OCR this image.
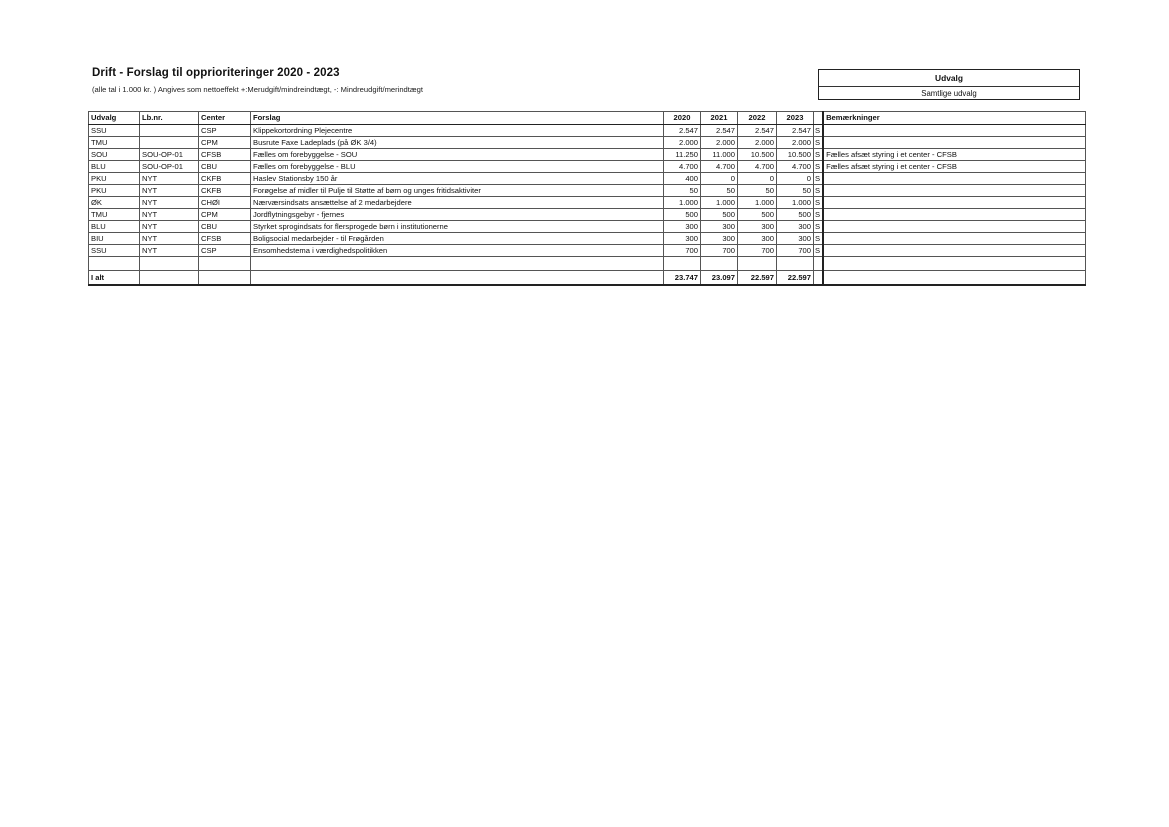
Drift - Forslag til opprioriteringer 2020 - 2023
(alle tal i 1.000 kr. ) Angives som nettoeffekt +:Merudgift/mindreindtægt, -: Mindreudgift/merindtægt
Udvalg
Samtlige udvalg
Udvalg	Lb.nr.	Center	Forslag	2020	2021	2022	2023		Bemærkninger
SSU		CSP	Klippekortordning Plejecentre	2.547	2.547	2.547	2.547	S	
TMU		CPM	Busrute Faxe Ladeplads (på ØK 3/4)	2.000	2.000	2.000	2.000	S	
SOU	SOU-OP-01	CFSB	Fælles om forebyggelse - SOU	11.250	11.000	10.500	10.500	S	Fælles afsæt styring i et center - CFSB
BLU	SOU-OP-01	CBU	Fælles om forebyggelse - BLU	4.700	4.700	4.700	4.700	S	Fælles afsæt styring i et center - CFSB
PKU	NYT	CKFB	Haslev Stationsby 150 år	400	0	0	0	S	
PKU	NYT	CKFB	Forøgelse af midler til Pulje til Støtte af børn og unges fritidsaktiviter	50	50	50	50	S	
ØK	NYT	CHØI	Nærværsindsats ansættelse af 2 medarbejdere	1.000	1.000	1.000	1.000	S	
TMU	NYT	CPM	Jordflytningsgebyr - fjernes	500	500	500	500	S	
BLU	NYT	CBU	Styrket sprogindsats for flersprogede børn i institutionerne	300	300	300	300	S	
BIU	NYT	CFSB	Boligsocial medarbejder - til Frøgården	300	300	300	300	S	
SSU	NYT	CSP	Ensomhedstema i værdighedspolitikken	700	700	700	700	S	

I alt				23.747	23.097	22.597	22.597		
